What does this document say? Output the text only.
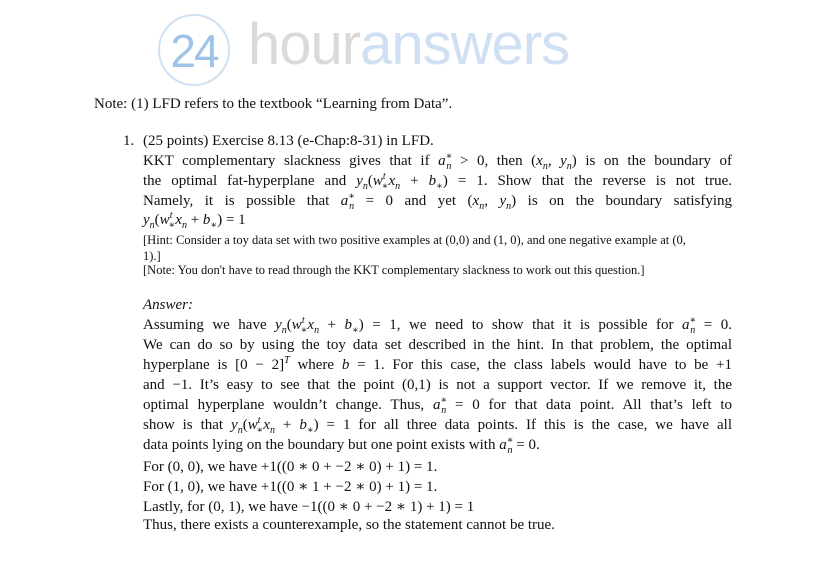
24 houranswers
Note: (1) LFD refers to the textbook “Learning from Data”.
1. (25 points) Exercise 8.13 (e-Chap:8-31) in LFD.
KKT complementary slackness gives that if $a^∗_n > 0$, then ($x_n$, $y_n$) is on the boundary of
the optimal fat-hyperplane and $y_n(w^t_∗x_n + b_∗) = 1$. Show that the reverse is not true.
Namely, it is possible that $a^∗_n = 0$ and yet ($x_n$, $y_n$) is on the boundary satisfying
$y_n(w^t_∗x_n + b_∗) = 1$
[Hint: Consider a toy data set with two positive examples at (0,0) and (1, 0), and one negative example at (0,
1).]
[Note: You don't have to read through the KKT complementary slackness to work out this question.]
Answer:
Assuming we have $y_n(w^t_∗x_n + b_∗) = 1$, we need to show that it is possible for $a^∗_n = 0$.
We can do so by using the toy data set described in the hint. In that problem, the optimal
hyperplane is $[0 - 2]^T$ where b = 1. For this case, the class labels would have to be +1
and −1. It’s easy to see that the point (0,1) is not a support vector. If we remove it, the
optimal hyperplane wouldn’t change. Thus, $a^∗_n = 0$ for that data point. All that’s left to
show is that $y_n(w^t_∗x_n + b_∗) = 1$ for all three data points. If this is the case, we have all
data points lying on the boundary but one point exists with $a^∗_n = 0$.
For (0, 0), we have +1((0 ∗ 0 + −2 ∗ 0) + 1) = 1.
For (1, 0), we have +1((0 ∗ 1 + −2 ∗ 0) + 1) = 1.
Lastly, for (0, 1), we have −1((0 ∗ 0 + −2 ∗ 1) + 1) = 1
Thus, there exists a counterexample, so the statement cannot be true.
